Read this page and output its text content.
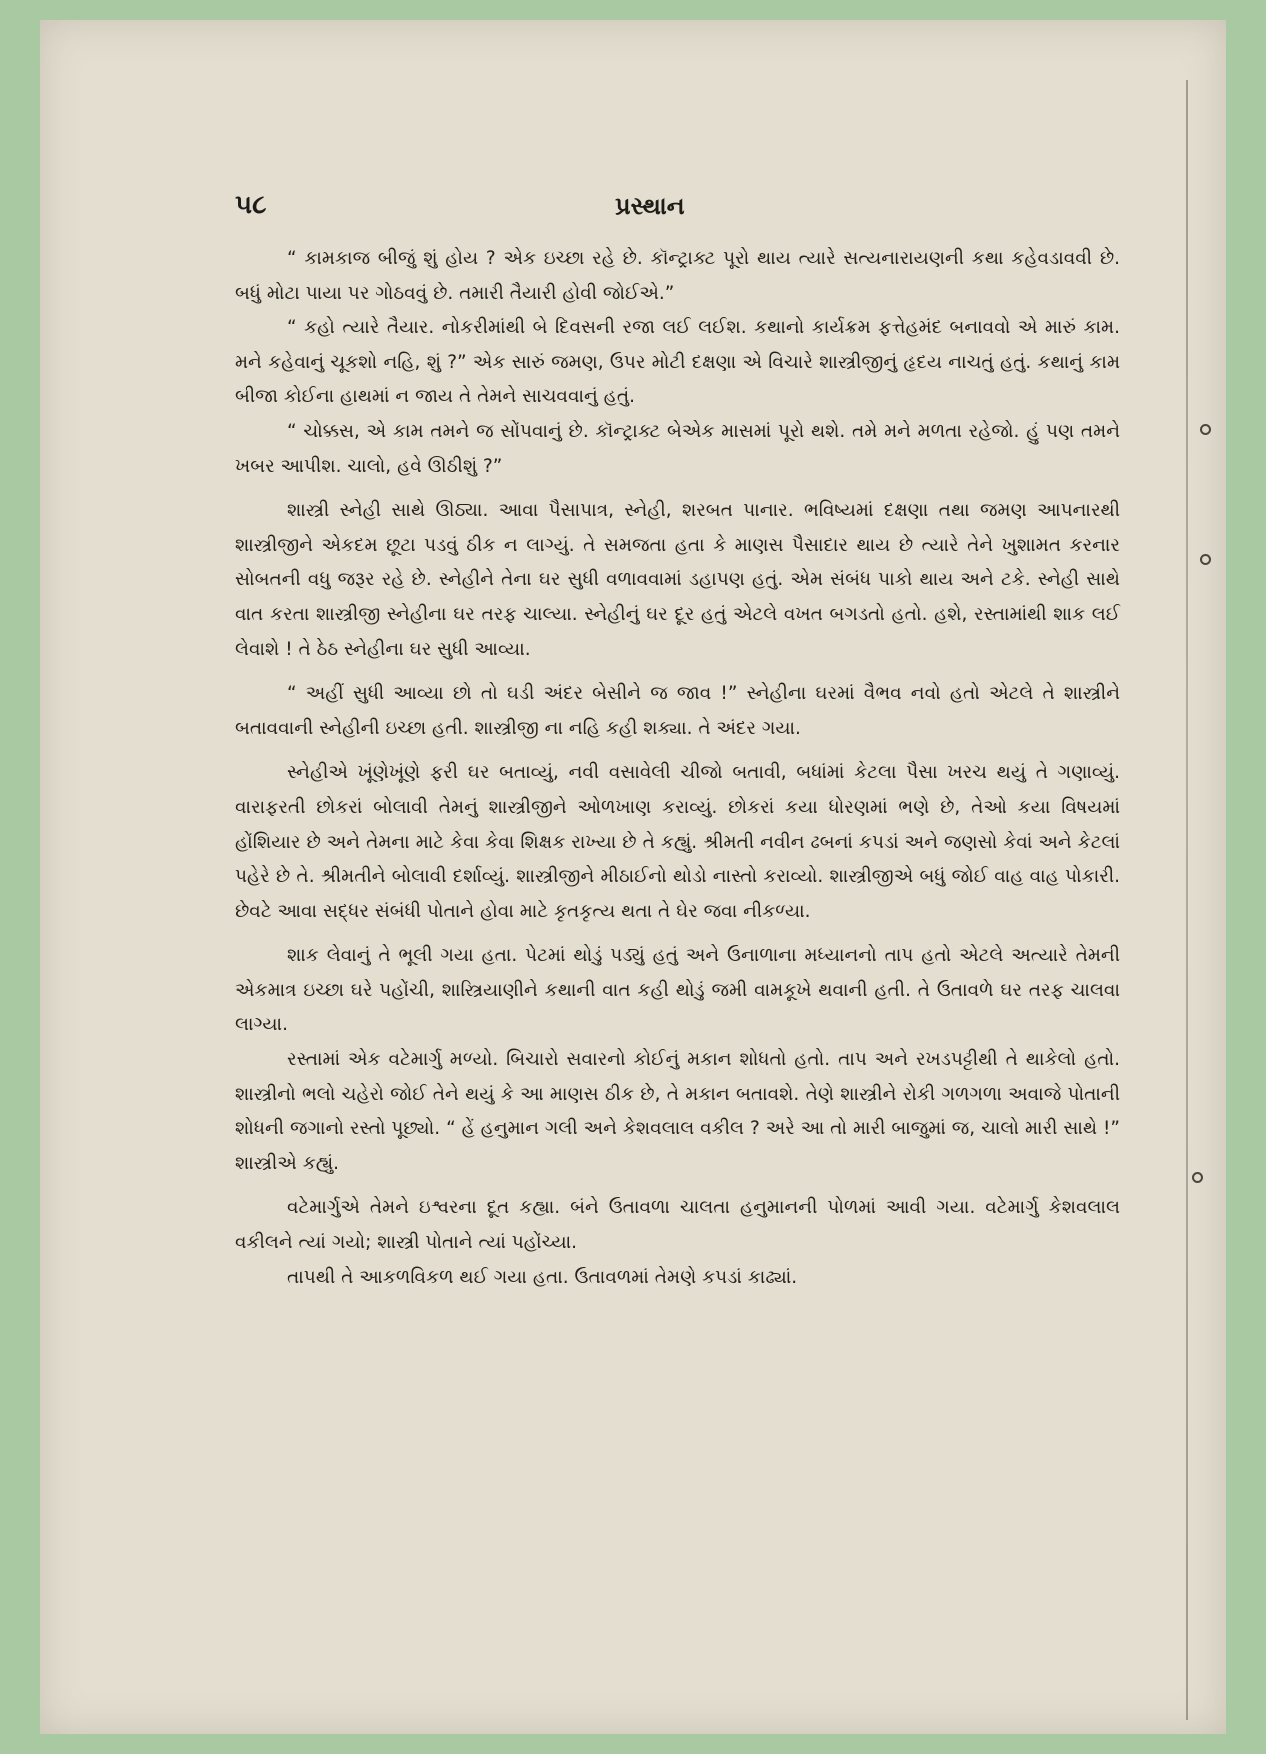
૫૮	પ્રસ્થાન

“ કામકાજ બીજું શું હોય ? એક ઇચ્છા રહે છે. કૉન્ટ્રાક્ટ પૂરો થાય ત્યારે સત્યનારાયણની કથા કહેવડાવવી છે. બધું મોટા પાયા પર ગોઠવવું છે. તમારી તૈયારી હોવી જોઈએ.”

“ કહો ત્યારે તૈયાર. નોકરીમાંથી બે દિવસની રજા લઈ લઈશ. કથાનો કાર્યક્રમ ફત્તેહમંદ બનાવવો એ મારું કામ. મને કહેવાનું ચૂકશો નહિ, શું ?” એક સારું જમણ, ઉપર મોટી દક્ષણા એ વિચારે શાસ્ત્રીજીનું હૃદય નાચતું હતું. કથાનું કામ બીજા કોઈના હાથમાં ન જાય તે તેમને સાચવવાનું હતું.

“ ચોક્કસ, એ કામ તમને જ સોંપવાનું છે. કૉન્ટ્રાક્ટ બેએક માસમાં પૂરો થશે. તમે મને મળતા રહેજો. હું પણ તમને ખબર આપીશ. ચાલો, હવે ઊઠીશું ?”

શાસ્ત્રી સ્નેહી સાથે ઊઠ્યા. આવા પૈસાપાત્ર, સ્નેહી, શરબત પાનાર. ભવિષ્યમાં દક્ષણા તથા જમણ આપનારથી શાસ્ત્રીજીને એકદમ છૂટા પડવું ઠીક ન લાગ્યું. તે સમજતા હતા કે માણસ પૈસાદાર થાય છે ત્યારે તેને ખુશામત કરનાર સોબતની વધુ જરૂર રહે છે. સ્નેહીને તેના ઘર સુધી વળાવવામાં ડહાપણ હતું. એમ સંબંધ પાકો થાય અને ટકે. સ્નેહી સાથે વાત કરતા શાસ્ત્રીજી સ્નેહીના ઘર તરફ ચાલ્યા. સ્નેહીનું ઘર દૂર હતું એટલે વખત બગડતો હતો. હશે, રસ્તામાંથી શાક લઈ લેવાશે ! તે ઠેઠ સ્નેહીના ઘર સુધી આવ્યા.

“ અહીં સુધી આવ્યા છો તો ઘડી અંદર બેસીને જ જાવ !” સ્નેહીના ઘરમાં વૈભવ નવો હતો એટલે તે શાસ્ત્રીને બતાવવાની સ્નેહીની ઇચ્છા હતી. શાસ્ત્રીજી ના નહિ કહી શક્યા. તે અંદર ગયા.

સ્નેહીએ ખૂંણેખૂંણે ફરી ઘર બતાવ્યું, નવી વસાવેલી ચીજો બતાવી, બધાંમાં કેટલા પૈસા ખરચ થયું તે ગણાવ્યું. વારાફરતી છોકરાં બોલાવી તેમનું શાસ્ત્રીજીને ઓળખાણ કરાવ્યું. છોકરાં કયા ધોરણમાં ભણે છે, તેઓ કયા વિષયમાં હોંશિયાર છે અને તેમના માટે કેવા કેવા શિક્ષક રાખ્યા છે તે કહ્યું. શ્રીમતી નવીન ઢબનાં કપડાં અને જણસો કેવાં અને કેટલાં પહેરે છે તે. શ્રીમતીને બોલાવી દર્શાવ્યું. શાસ્ત્રીજીને મીઠાઈનો થોડો નાસ્તો કરાવ્યો. શાસ્ત્રીજીએ બધું જોઈ વાહ વાહ પોકારી. છેવટે આવા સદ્ધર સંબંધી પોતાને હોવા માટે કૃતકૃત્ય થતા તે ઘેર જવા નીકળ્યા.

શાક લેવાનું તે ભૂલી ગયા હતા. પેટમાં થોડું પડ્યું હતું અને ઉનાળાના મધ્યાનનો તાપ હતો એટલે અત્યારે તેમની એકમાત્ર ઇચ્છા ઘરે પહોંચી, શાસ્ત્રિયાણીને કથાની વાત કહી થોડું જમી વામકૂખે થવાની હતી. તે ઉતાવળે ઘર તરફ ચાલવા લાગ્યા.

રસ્તામાં એક વટેમાર્ગુ મળ્યો. બિચારો સવારનો કોઈનું મકાન શોધતો હતો. તાપ અને રખડપટ્ટીથી તે થાકેલો હતો. શાસ્ત્રીનો ભલો ચહેરો જોઈ તેને થયું કે આ માણસ ઠીક છે, તે મકાન બતાવશે. તેણે શાસ્ત્રીને રોકી ગળગળા અવાજે પોતાની શોધની જગાનો રસ્તો પૂછ્યો. “ હેં હનુમાન ગલી અને કેશવલાલ વકીલ ? અરે આ તો મારી બાજુમાં જ, ચાલો મારી સાથે !” શાસ્ત્રીએ કહ્યું.

વટેમાર્ગુએ તેમને ઇશ્વરના દૂત કહ્યા. બંને ઉતાવળા ચાલતા હનુમાનની પોળમાં આવી ગયા. વટેમાર્ગુ કેશવલાલ વકીલને ત્યાં ગયો; શાસ્ત્રી પોતાને ત્યાં પહોંચ્યા.

તાપથી તે આકળવિકળ થઈ ગયા હતા. ઉતાવળમાં તેમણે કપડાં કાઢ્યાં.
